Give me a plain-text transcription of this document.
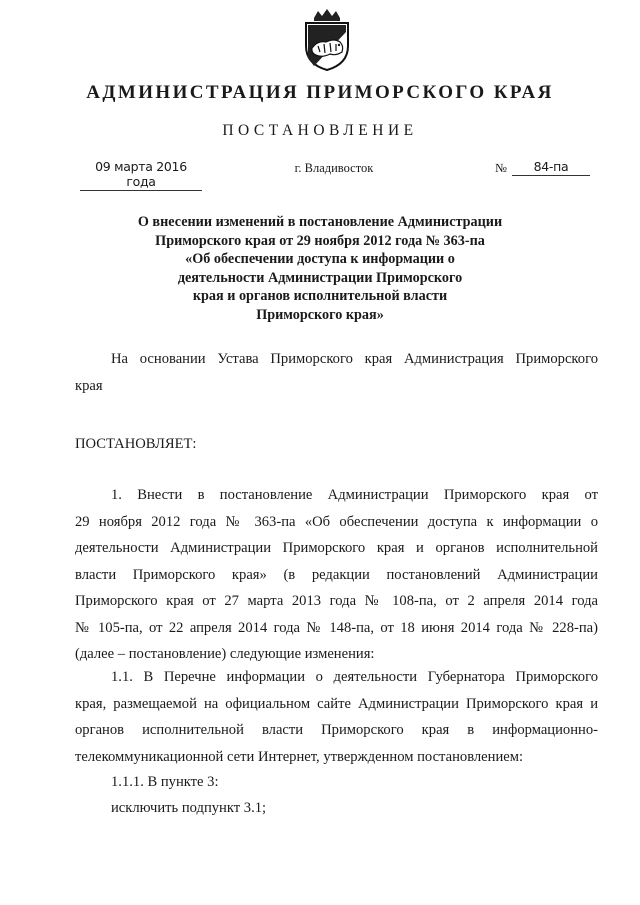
АДМИНИСТРАЦИЯ ПРИМОРСКОГО КРАЯ
ПОСТАНОВЛЕНИЕ
09 марта 2016 года
г. Владивосток	№	84-па
О внесении изменений в постановление Администрации
Приморского края от 29 ноября 2012 года № 363-па
«Об обеспечении доступа к информации о
деятельности Администрации Приморского
края и органов исполнительной власти
Приморского края»
На основании Устава Приморского края Администрация Приморского
края
ПОСТАНОВЛЯЕТ:
1. Внести в постановление Администрации Приморского края от
29 ноября 2012 года № 363-па «Об обеспечении доступа к информации о
деятельности Администрации Приморского края и органов исполнительной
власти Приморского края» (в редакции постановлений Администрации
Приморского края от 27 марта 2013 года № 108-па, от 2 апреля 2014 года
№ 105-па, от 22 апреля 2014 года № 148-па, от 18 июня 2014 года № 228-па)
(далее – постановление) следующие изменения:
1.1. В Перечне информации о деятельности Губернатора Приморского
края, размещаемой на официальном сайте Администрации Приморского края и
органов исполнительной власти Приморского края в информационно-
телекоммуникационной сети Интернет, утвержденном постановлением:
1.1.1. В пункте 3:
исключить подпункт 3.1;
